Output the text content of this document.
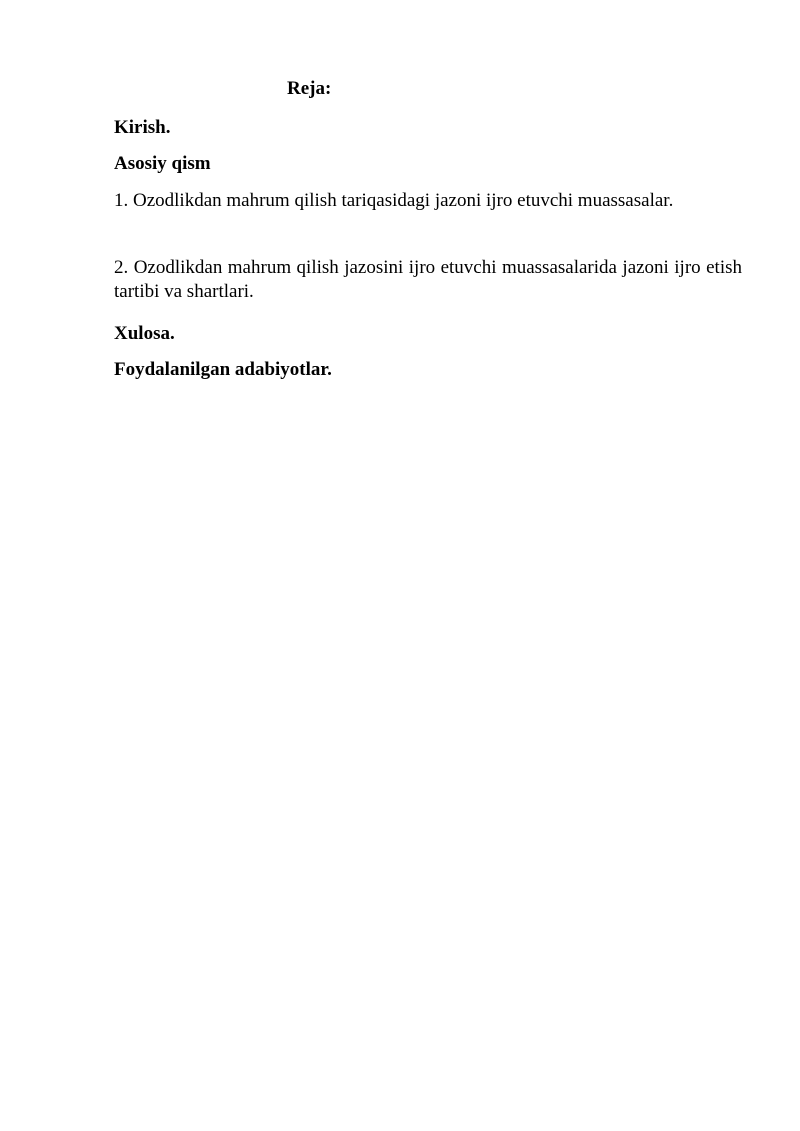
Reja:

Kirish.

Asosiy qism

1. Ozodlikdan mahrum qilish tariqasidagi jazoni ijro etuvchi muassasalar.

2. Ozodlikdan mahrum qilish jazosini ijro etuvchi muassasalarida jazoni ijro etish tartibi va shartlari.

Xulosa.

Foydalanilgan adabiyotlar.
